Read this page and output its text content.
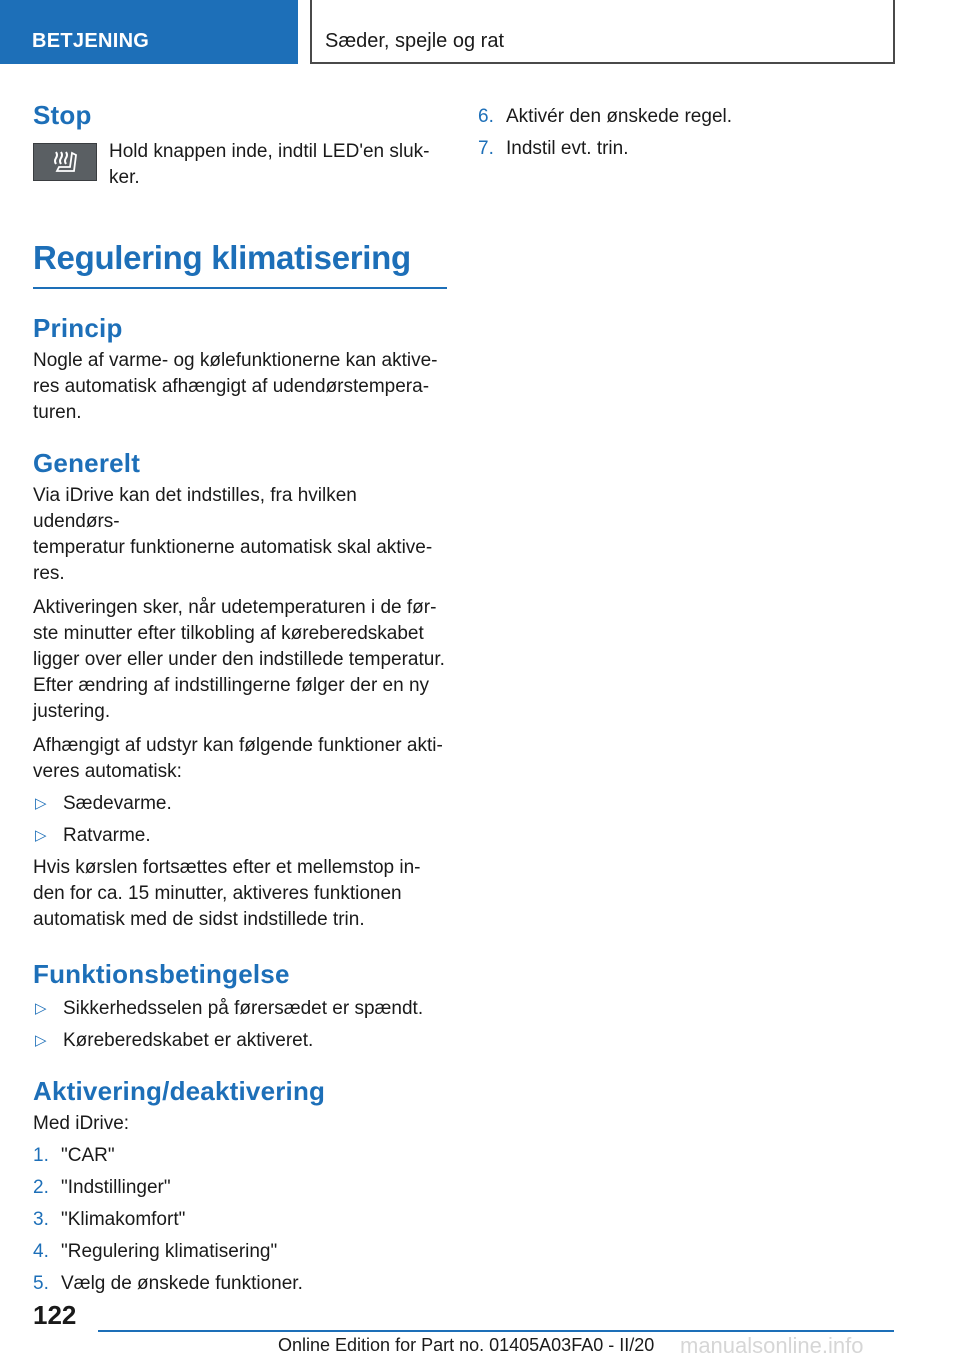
BETJENING	Sæder, spejle og rat
Stop

Hold knappen inde, indtil LED'en sluk-
ker.

Regulering klimatisering
Princip

Nogle af varme- og kølefunktionerne kan aktive-
res automatisk afhængigt af udendørstempera-
turen.

Generelt

Via iDrive kan det indstilles, fra hvilken udendørs-
temperatur funktionerne automatisk skal aktive-
res.

Aktiveringen sker, når udetemperaturen i de før-
ste minutter efter tilkobling af køreberedskabet
ligger over eller under den indstillede temperatur.
Efter ændring af indstillingerne følger der en ny
justering.

Afhængigt af udstyr kan følgende funktioner akti-
veres automatisk:

▷ Sædevarme.
▷ Ratvarme.

Hvis kørslen fortsættes efter et mellemstop in-
den for ca. 15 minutter, aktiveres funktionen
automatisk med de sidst indstillede trin.

Funktionsbetingelse
▷ Sikkerhedsselen på førersædet er spændt.
▷ Køreberedskabet er aktiveret.
Aktivering/deaktivering

Med iDrive:

1. "CAR"
2. "Indstillinger"
3. "Klimakomfort"
4. "Regulering klimatisering"
5. Vælg de ønskede funktioner.
6. Aktivér den ønskede regel.
7. Indstil evt. trin.
122
Online Edition for Part no. 01405A03FA0 - II/20 manualsonline.info
